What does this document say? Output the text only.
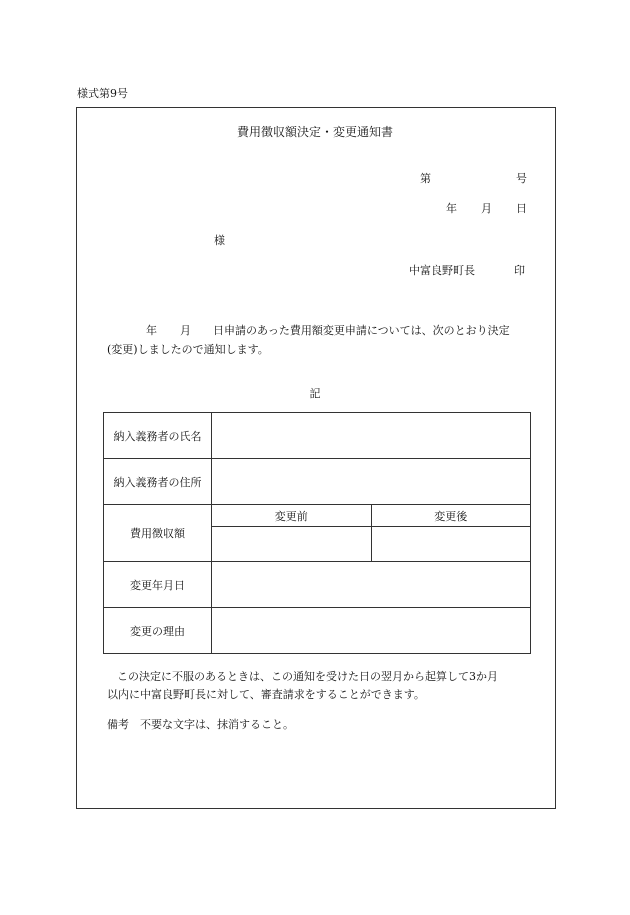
様式第9号
費用徴収額決定・変更通知書
第	号
年 月 日
様
中富良野町長	印
年 月 日申請のあった費用額変更申請については、次のとおり決定
(変更)しましたので通知します。
記
納入義務者の氏名		
納入義務者の住所		
費用徴収額	変更前	変更後

変更年月日		
変更の理由		
この決定に不服のあるときは、この通知を受けた日の翌月から起算して3か月
以内に中富良野町長に対して、審査請求をすることができます。
備考　不要な文字は、抹消すること。
